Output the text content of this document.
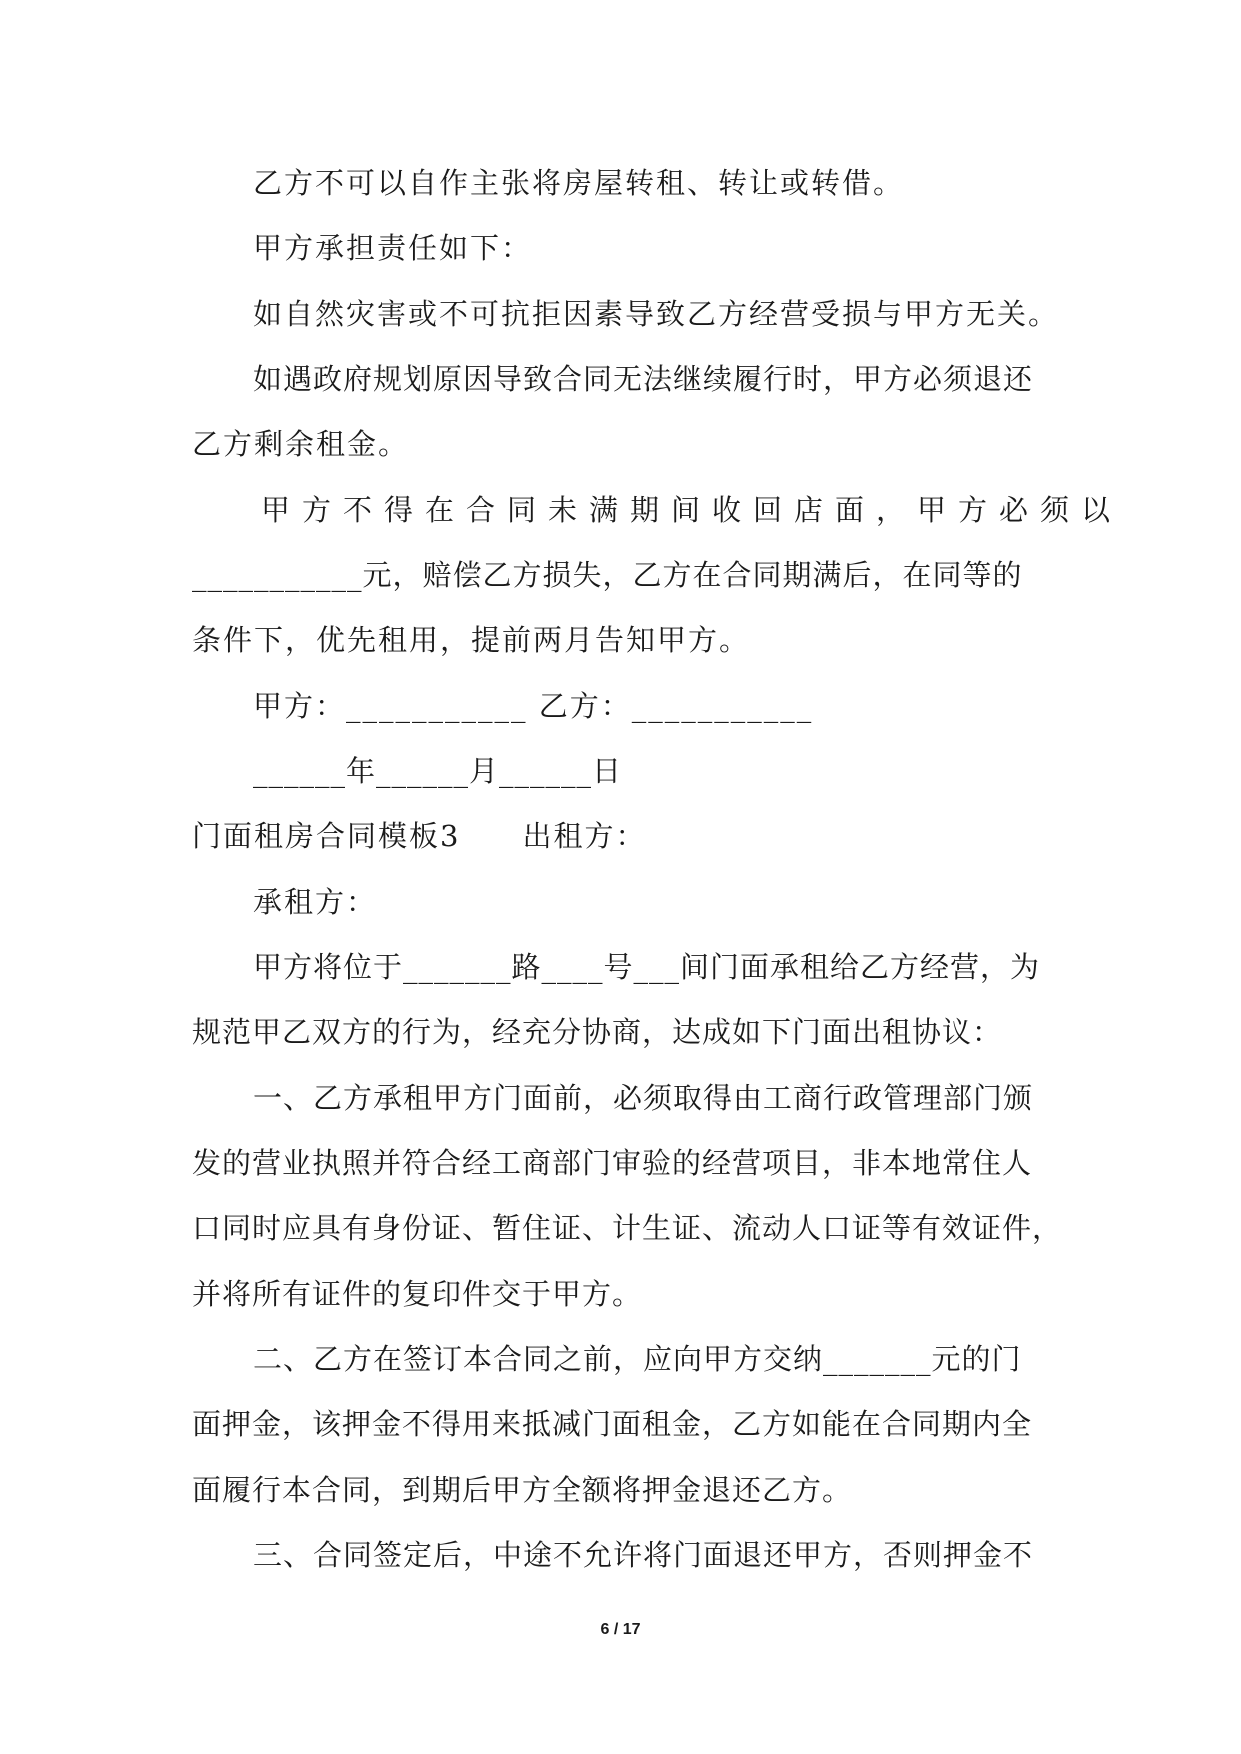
乙方不可以自作主张将房屋转租、转让或转借。
甲方承担责任如下：
如自然灾害或不可抗拒因素导致乙方经营受损与甲方无关。
如遇政府规划原因导致合同无法继续履行时，甲方必须退还
乙方剩余租金。
甲方不得在合同未满期间收回店面，甲方必须以
___________元，赔偿乙方损失，乙方在合同期满后，在同等的
条件下，优先租用，提前两月告知甲方。
甲方：___________ 乙方：___________
______年______月______日
门面租房合同模板3　　出租方：
承租方：
甲方将位于_______路____号___间门面承租给乙方经营，为
规范甲乙双方的行为，经充分协商，达成如下门面出租协议：
一、乙方承租甲方门面前，必须取得由工商行政管理部门颁
发的营业执照并符合经工商部门审验的经营项目，非本地常住人
口同时应具有身份证、暂住证、计生证、流动人口证等有效证件，
并将所有证件的复印件交于甲方。
二、乙方在签订本合同之前，应向甲方交纳_______元的门
面押金，该押金不得用来抵减门面租金，乙方如能在合同期内全
面履行本合同，到期后甲方全额将押金退还乙方。
三、合同签定后，中途不允许将门面退还甲方，否则押金不
6 / 17
